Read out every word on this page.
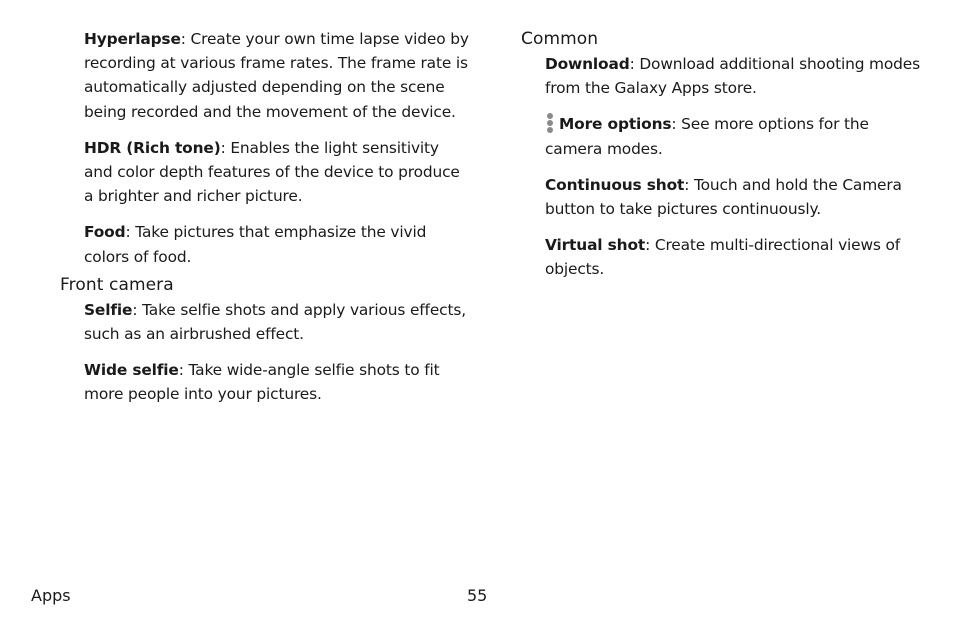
Hyperlapse: Create your own time lapse video by recording at various frame rates. The frame rate is automatically adjusted depending on the scene being recorded and the movement of the device.

HDR (Rich tone): Enables the light sensitivity and color depth features of the device to produce a brighter and richer picture.

Food: Take pictures that emphasize the vivid colors of food.

Front camera

Selfie: Take selfie shots and apply various effects, such as an airbrushed effect.

Wide selfie: Take wide-angle selfie shots to fit more people into your pictures.

Common

Download: Download additional shooting modes from the Galaxy Apps store.

More options: See more options for the camera modes.

Continuous shot: Touch and hold the Camera button to take pictures continuously.

Virtual shot: Create multi-directional views of objects.

Apps	55
